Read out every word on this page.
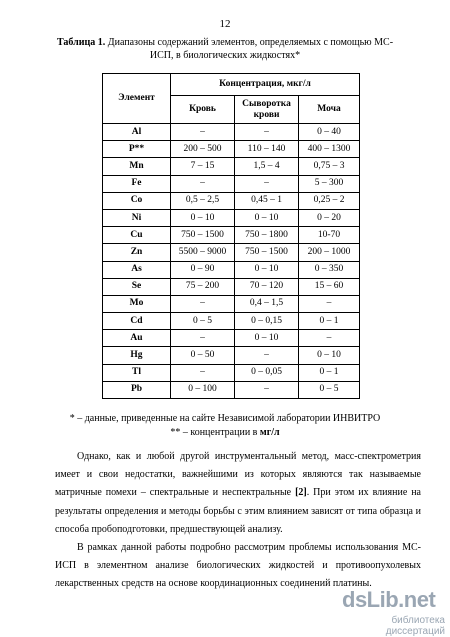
12
Таблица 1. Диапазоны содержаний элементов, определяемых с помощью МС-ИСП, в биологических жидкостях*
Элемент	Концентрация, мкг/л		
	Кровь	Сыворотка крови	Моча
Al	–	–	0 – 40
P**	200 – 500	110 – 140	400 – 1300
Mn	7 – 15	1,5 – 4	0,75 – 3
Fe	–	–	5 – 300
Co	0,5 – 2,5	0,45 – 1	0,25 – 2
Ni	0 – 10	0 – 10	0 – 20
Cu	750 – 1500	750 – 1800	10-70
Zn	5500 – 9000	750 – 1500	200 – 1000
As	0 – 90	0 – 10	0 – 350
Se	75 – 200	70 – 120	15 – 60
Mo	–	0,4 – 1,5	–
Cd	0 – 5	0 – 0,15	0 – 1
Au	–	0 – 10	–
Hg	0 – 50	–	0 – 10
Tl	–	0 – 0,05	0 – 1
Pb	0 – 100	–	0 – 5
* – данные, приведенные на сайте Независимой лаборатории ИНВИТРО
** – концентрации в мг/л
Однако, как и любой другой инструментальный метод, масс-спектрометрия имеет и свои недостатки, важнейшими из которых являются так называемые матричные помехи – спектральные и неспектральные [2]. При этом их влияние на результаты определения и методы борьбы с этим влиянием зависят от типа образца и способа пробоподготовки, предшествующей анализу.
В рамках данной работы подробно рассмотрим проблемы использования МС-ИСП в элементном анализе биологических жидкостей и противоопухолевых лекарственных средств на основе координационных соединений платины.
dsLib.net
библиотека диссертаций
